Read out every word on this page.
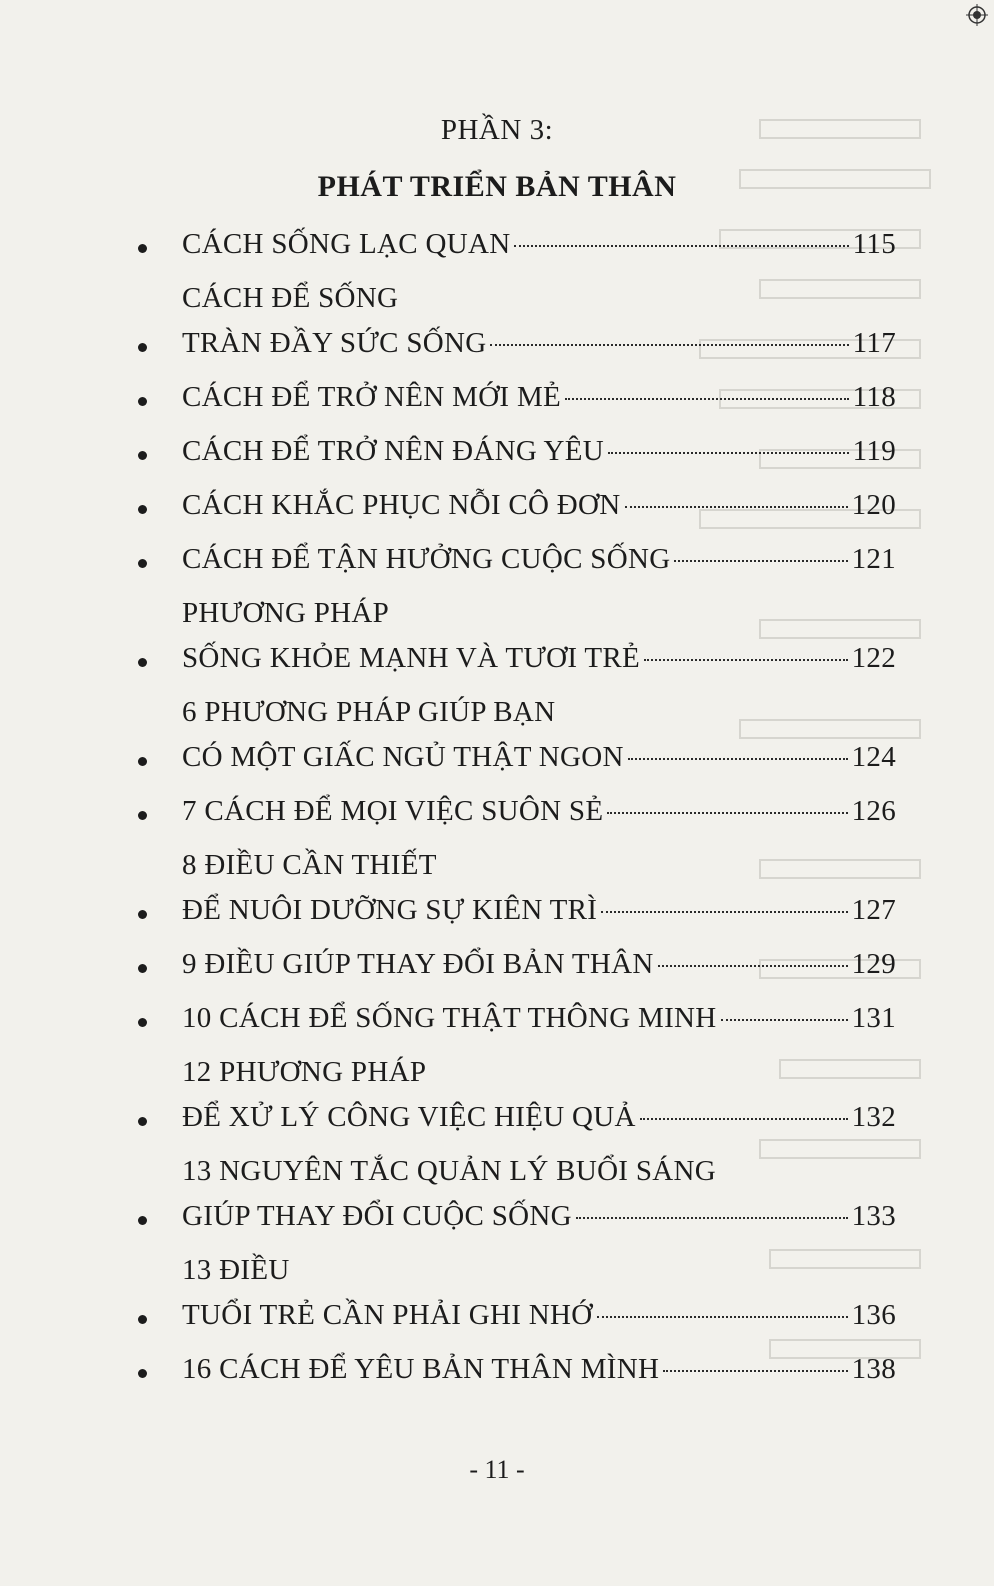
PHẦN 3:
PHÁT TRIỂN BẢN THÂN
CÁCH SỐNG LẠC QUAN	115
CÁCH ĐỂ SỐNG
TRÀN ĐẦY SỨC SỐNG	117
CÁCH ĐỂ TRỞ NÊN MỚI MẺ	118
CÁCH ĐỂ TRỞ NÊN ĐÁNG YÊU	119
CÁCH KHẮC PHỤC NỖI CÔ ĐƠN	120
CÁCH ĐỂ TẬN HƯỞNG CUỘC SỐNG	121
PHƯƠNG PHÁP
SỐNG KHỎE MẠNH VÀ TƯƠI TRẺ	122
6 PHƯƠNG PHÁP GIÚP BẠN
CÓ MỘT GIẤC NGỦ THẬT NGON	124
7 CÁCH ĐỂ MỌI VIỆC SUÔN SẺ	126
8 ĐIỀU CẦN THIẾT
ĐỂ NUÔI DƯỠNG SỰ KIÊN TRÌ	127
9 ĐIỀU GIÚP THAY ĐỔI BẢN THÂN	129
10 CÁCH ĐỂ SỐNG THẬT THÔNG MINH	131
12 PHƯƠNG PHÁP
ĐỂ XỬ LÝ CÔNG VIỆC HIỆU QUẢ	132
13 NGUYÊN TẮC QUẢN LÝ BUỔI SÁNG
GIÚP THAY ĐỔI CUỘC SỐNG	133
13 ĐIỀU
TUỔI TRẺ CẦN PHẢI GHI NHỚ	136
16 CÁCH ĐỂ YÊU BẢN THÂN MÌNH	138
- 11 -
